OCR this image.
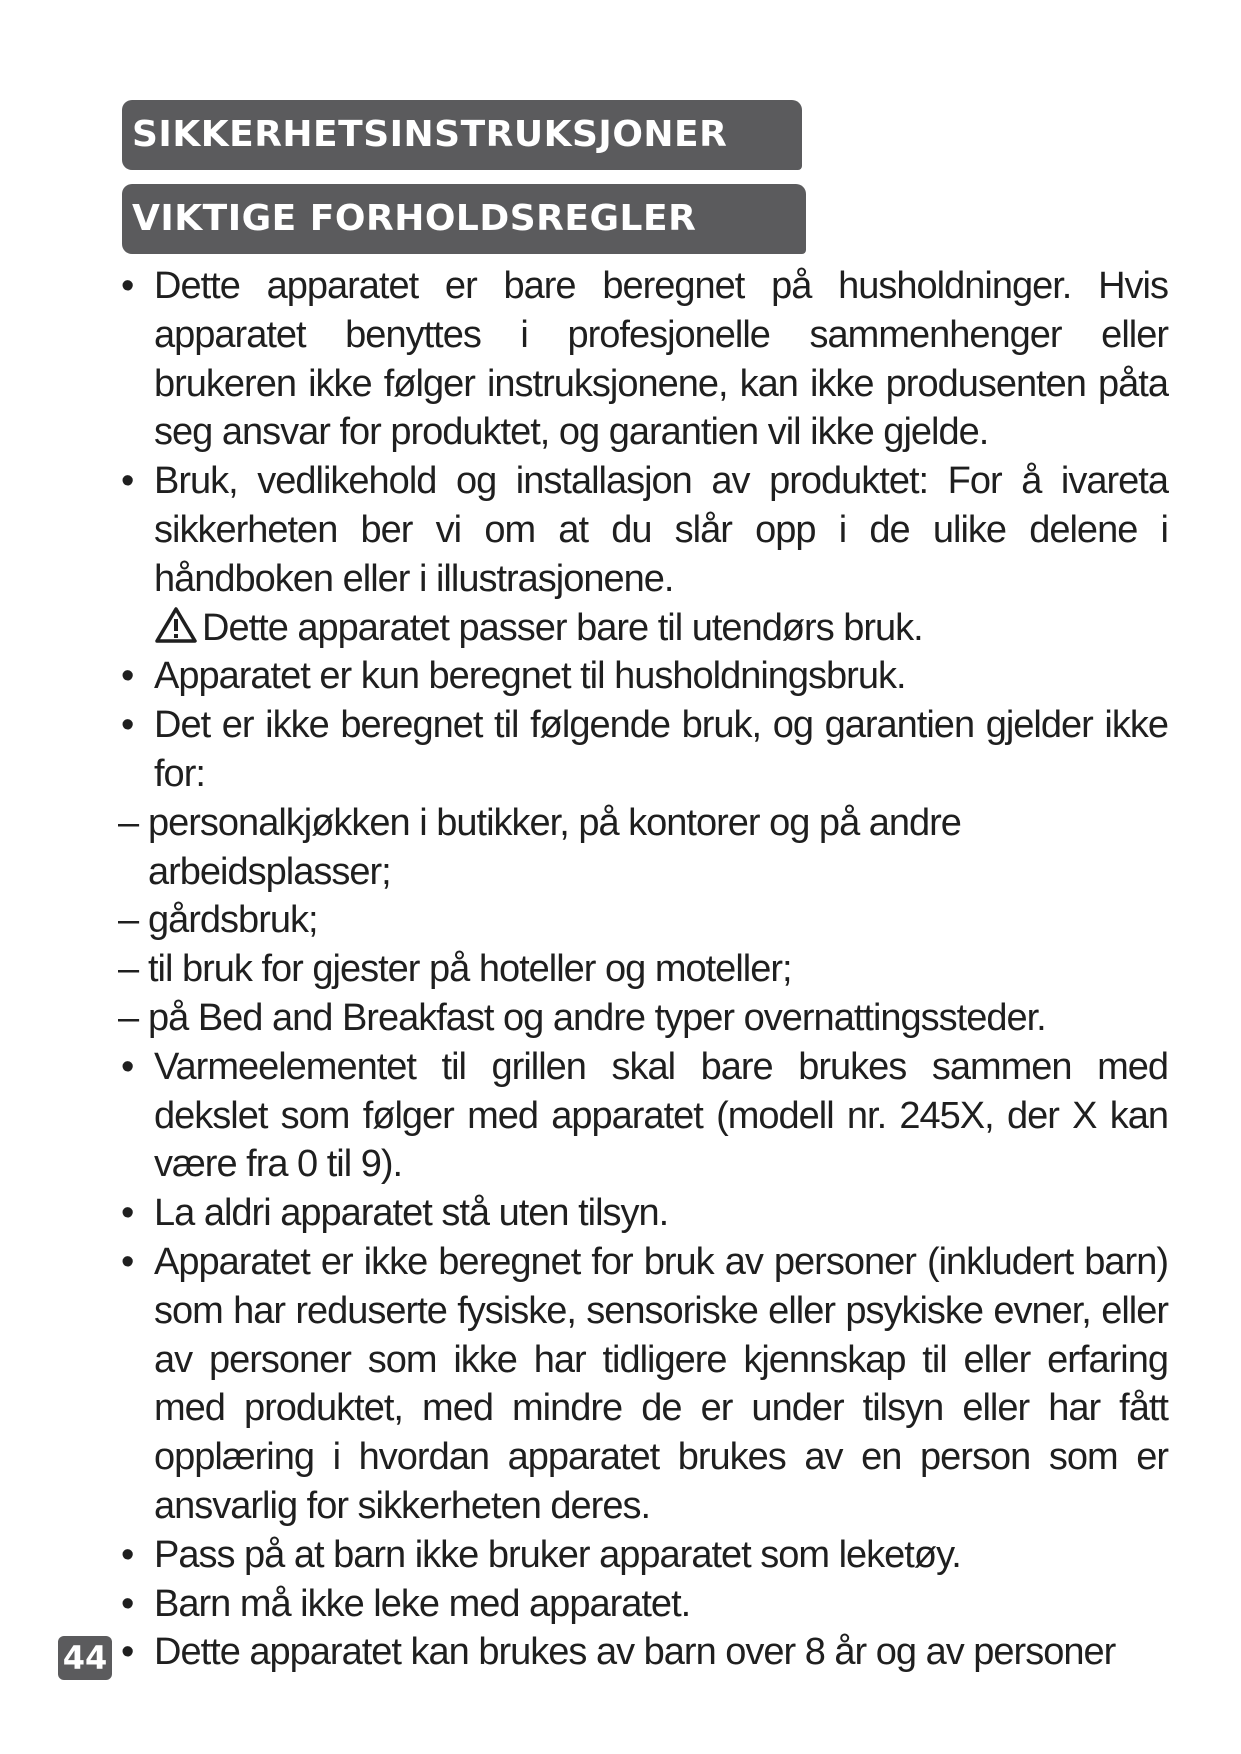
SIKKERHETSINSTRUKSJONER
VIKTIGE FORHOLDSREGLER
• Dette apparatet er bare beregnet på husholdninger. Hvis apparatet benyttes i profesjonelle sammenhenger eller brukeren ikke følger instruksjonene, kan ikke produsenten påta seg ansvar for produktet, og garantien vil ikke gjelde.
• Bruk, vedlikehold og installasjon av produktet: For å ivareta sikkerheten ber vi om at du slår opp i de ulike delene i håndboken eller i illustrasjonene.
Dette apparatet passer bare til utendørs bruk.
• Apparatet er kun beregnet til husholdningsbruk.
• Det er ikke beregnet til følgende bruk, og garantien gjelder ikke for:
– personalkjøkken i butikker, på kontorer og på andre arbeidsplasser;
– gårdsbruk;
– til bruk for gjester på hoteller og moteller;
– på Bed and Breakfast og andre typer overnattingssteder.
• Varmeelementet til grillen skal bare brukes sammen med dekslet som følger med apparatet (modell nr. 245X, der X kan være fra 0 til 9).
• La aldri apparatet stå uten tilsyn.
• Apparatet er ikke beregnet for bruk av personer (inkludert barn) som har reduserte fysiske, sensoriske eller psykiske evner, eller av personer som ikke har tidligere kjennskap til eller erfaring med produktet, med mindre de er under tilsyn eller har fått opplæring i hvordan apparatet brukes av en person som er ansvarlig for sikkerheten deres.
• Pass på at barn ikke bruker apparatet som leketøy.
• Barn må ikke leke med apparatet.
• Dette apparatet kan brukes av barn over 8 år og av personer
44
